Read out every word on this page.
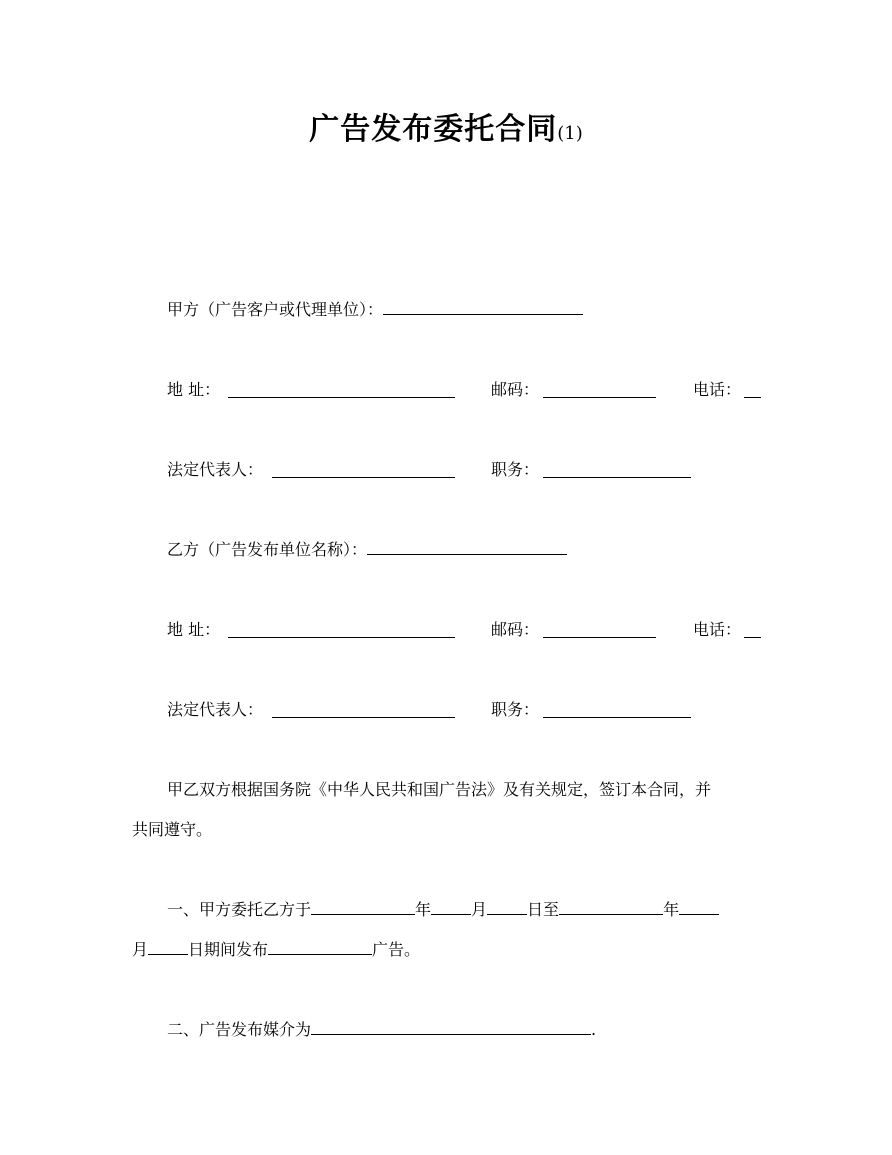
广告发布委托合同(1)
甲方（广告客户或代理单位）：
地 址：	邮码：	电话：
法定代表人：	职务：
乙方（广告发布单位名称）：
地 址：	邮码：	电话：
法定代表人：	职务：
甲乙双方根据国务院《中华人民共和国广告法》及有关规定，签订本合同，并
共同遵守。
一、甲方委托乙方于	年	月	日至	年
月	日期间发布	广告。
二、广告发布媒介为	.
